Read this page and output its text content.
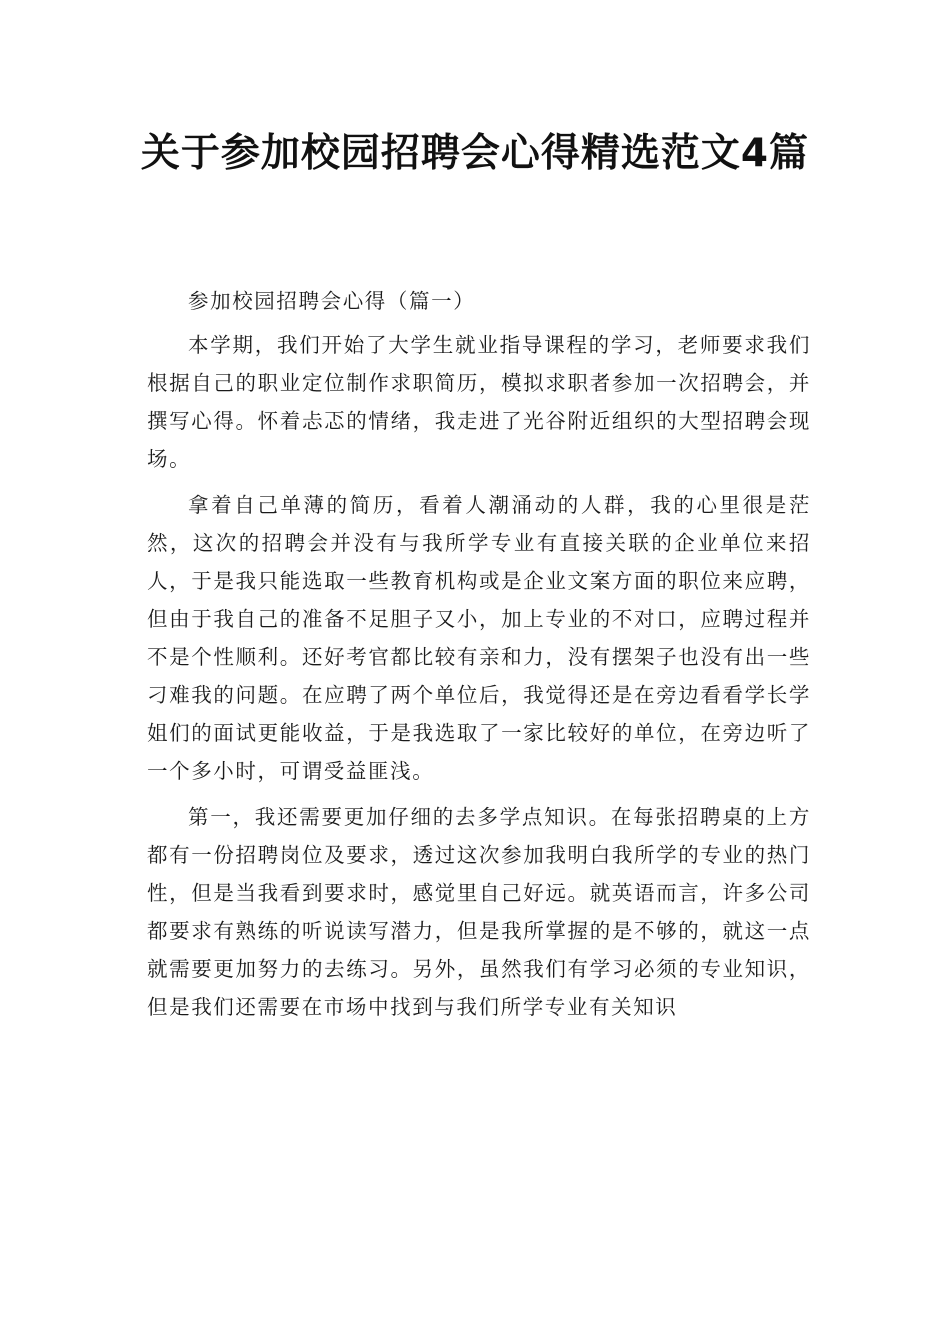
关于参加校园招聘会心得精选范文4篇

参加校园招聘会心得（篇一）

本学期，我们开始了大学生就业指导课程的学习，老师要求我们根据自己的职业定位制作求职简历，模拟求职者参加一次招聘会，并撰写心得。怀着忐忑的情绪，我走进了光谷附近组织的大型招聘会现场。

拿着自己单薄的简历，看着人潮涌动的人群，我的心里很是茫然，这次的招聘会并没有与我所学专业有直接关联的企业单位来招人，于是我只能选取一些教育机构或是企业文案方面的职位来应聘，但由于我自己的准备不足胆子又小，加上专业的不对口，应聘过程并不是个性顺利。还好考官都比较有亲和力，没有摆架子也没有出一些刁难我的问题。在应聘了两个单位后，我觉得还是在旁边看看学长学姐们的面试更能收益，于是我选取了一家比较好的单位，在旁边听了一个多小时，可谓受益匪浅。

第一，我还需要更加仔细的去多学点知识。在每张招聘桌的上方都有一份招聘岗位及要求，透过这次参加我明白我所学的专业的热门性，但是当我看到要求时，感觉里自己好远。就英语而言，许多公司都要求有熟练的听说读写潜力，但是我所掌握的是不够的，就这一点就需要更加努力的去练习。另外，虽然我们有学习必须的专业知识，但是我们还需要在市场中找到与我们所学专业有关知识
